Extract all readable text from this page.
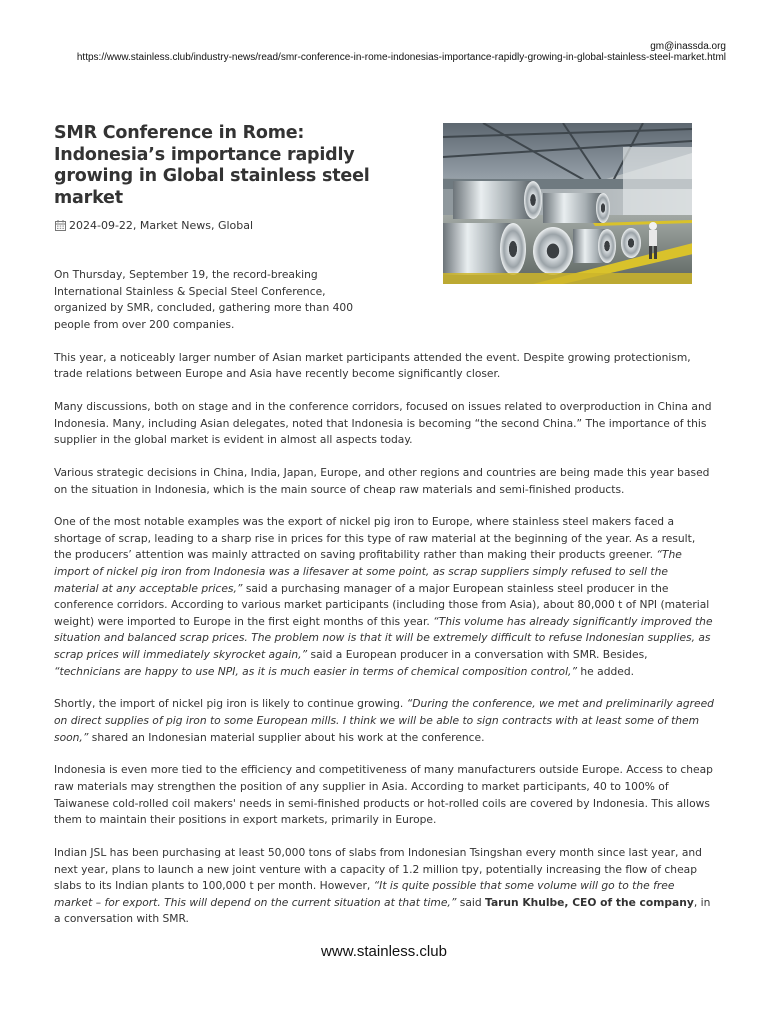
gm@inassda.org
https://www.stainless.club/industry-news/read/smr-conference-in-rome-indonesias-importance-rapidly-growing-in-global-stainless-steel-market.html
SMR Conference in Rome: Indonesia’s importance rapidly growing in Global stainless steel market
2024-09-22, Market News, Global

On Thursday, September 19, the record-breaking International Stainless & Special Steel Conference, organized by SMR, concluded, gathering more than 400 people from over 200 companies.

This year, a noticeably larger number of Asian market participants attended the event. Despite growing protectionism, trade relations between Europe and Asia have recently become significantly closer.

Many discussions, both on stage and in the conference corridors, focused on issues related to overproduction in China and Indonesia. Many, including Asian delegates, noted that Indonesia is becoming “the second China.” The importance of this supplier in the global market is evident in almost all aspects today.

Various strategic decisions in China, India, Japan, Europe, and other regions and countries are being made this year based on the situation in Indonesia, which is the main source of cheap raw materials and semi-finished products.

One of the most notable examples was the export of nickel pig iron to Europe, where stainless steel makers faced a shortage of scrap, leading to a sharp rise in prices for this type of raw material at the beginning of the year. As a result, the producers’ attention was mainly attracted on saving profitability rather than making their products greener. “The import of nickel pig iron from Indonesia was a lifesaver at some point, as scrap suppliers simply refused to sell the material at any acceptable prices,” said a purchasing manager of a major European stainless steel producer in the conference corridors. According to various market participants (including those from Asia), about 80,000 t of NPI (material weight) were imported to Europe in the first eight months of this year. “This volume has already significantly improved the situation and balanced scrap prices. The problem now is that it will be extremely difficult to refuse Indonesian supplies, as scrap prices will immediately skyrocket again,” said a European producer in a conversation with SMR. Besides, “technicians are happy to use NPI, as it is much easier in terms of chemical composition control,” he added.

Shortly, the import of nickel pig iron is likely to continue growing. “During the conference, we met and preliminarily agreed on direct supplies of pig iron to some European mills. I think we will be able to sign contracts with at least some of them soon,” shared an Indonesian material supplier about his work at the conference.

Indonesia is even more tied to the efficiency and competitiveness of many manufacturers outside Europe. Access to cheap raw materials may strengthen the position of any supplier in Asia. According to market participants, 40 to 100% of Taiwanese cold-rolled coil makers' needs in semi-finished products or hot-rolled coils are covered by Indonesia. This allows them to maintain their positions in export markets, primarily in Europe.

Indian JSL has been purchasing at least 50,000 tons of slabs from Indonesian Tsingshan every month since last year, and next year, plans to launch a new joint venture with a capacity of 1.2 million tpy, potentially increasing the flow of cheap slabs to its Indian plants to 100,000 t per month. However, “It is quite possible that some volume will go to the free market – for export. This will depend on the current situation at that time,” said Tarun Khulbe, CEO of the company, in a conversation with SMR.

www.stainless.club
